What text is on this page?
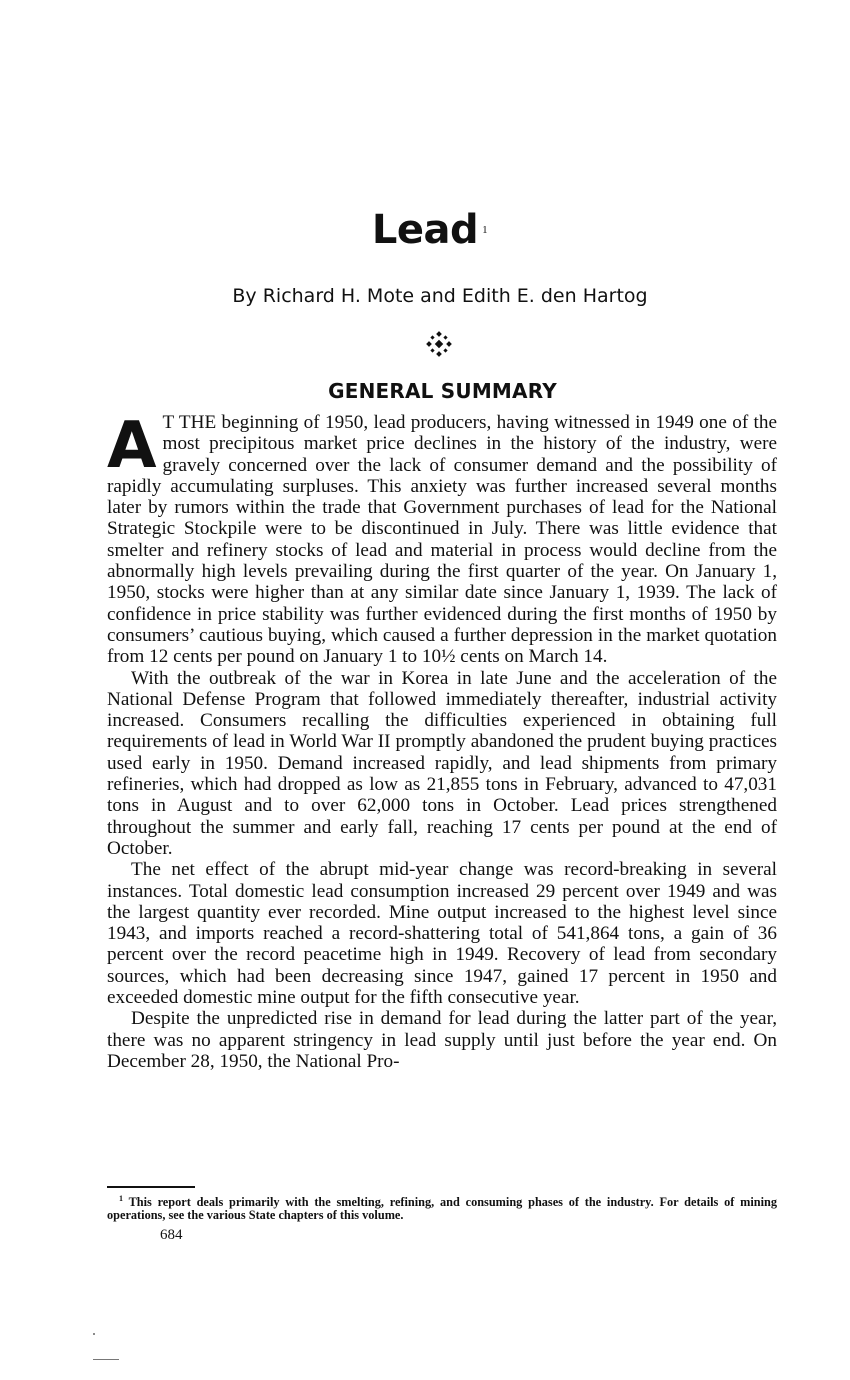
Lead 1
By Richard H. Mote and Edith E. den Hartog
GENERAL SUMMARY

A T THE beginning of 1950, lead producers, having witnessed in 1949 one of the most precipitous market price declines in the history of the industry, were gravely concerned over the lack of consumer demand and the possibility of rapidly accumulating surpluses. This anxiety was further increased several months later by rumors within the trade that Government purchases of lead for the National Strategic Stockpile were to be discontinued in July. There was little evidence that smelter and refinery stocks of lead and material in process would decline from the abnormally high levels prevailing during the first quarter of the year. On January 1, 1950, stocks were higher than at any similar date since January 1, 1939. The lack of confidence in price stability was further evidenced during the first months of 1950 by consumers’ cautious buying, which caused a further depression in the market quotation from 12 cents per pound on January 1 to 10½ cents on March 14.

With the outbreak of the war in Korea in late June and the acceleration of the National Defense Program that followed immediately thereafter, industrial activity increased. Consumers recalling the difficulties experienced in obtaining full requirements of lead in World War II promptly abandoned the prudent buying practices used early in 1950. Demand increased rapidly, and lead shipments from primary refineries, which had dropped as low as 21,855 tons in February, advanced to 47,031 tons in August and to over 62,000 tons in October. Lead prices strengthened throughout the summer and early fall, reaching 17 cents per pound at the end of October.

The net effect of the abrupt mid-year change was record-breaking in several instances. Total domestic lead consumption increased 29 percent over 1949 and was the largest quantity ever recorded. Mine output increased to the highest level since 1943, and imports reached a record-shattering total of 541,864 tons, a gain of 36 percent over the record peacetime high in 1949. Recovery of lead from secondary sources, which had been decreasing since 1947, gained 17 percent in 1950 and exceeded domestic mine output for the fifth consecutive year.

Despite the unpredicted rise in demand for lead during the latter part of the year, there was no apparent stringency in lead supply until just before the year end. On December 28, 1950, the National Pro-

$^1$ This report deals primarily with the smelting, refining, and consuming phases of the industry. For details of mining operations, see the various State chapters of this volume.
684
